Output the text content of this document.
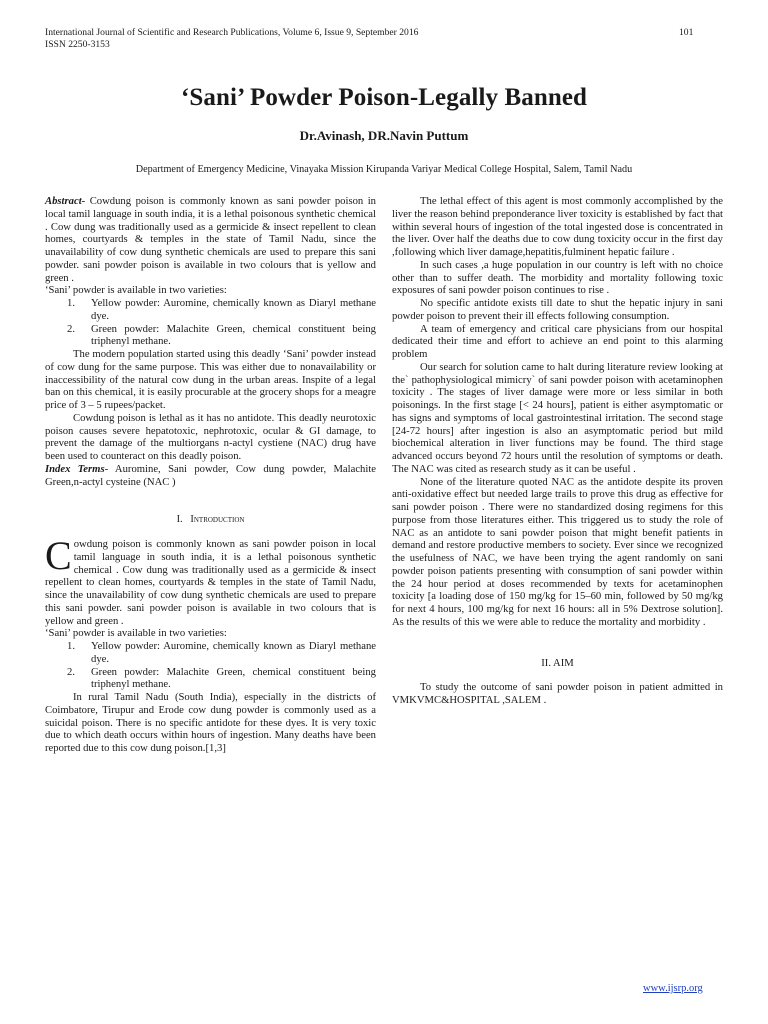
International Journal of Scientific and Research Publications, Volume 6, Issue 9, September 2016
ISSN 2250-3153
101
‘Sani’ Powder Poison-Legally Banned
Dr.Avinash, DR.Navin Puttum
Department of Emergency Medicine, Vinayaka Mission Kirupanda Variyar Medical College Hospital, Salem, Tamil Nadu

Abstract- Cowdung poison is commonly known as sani powder poison in local tamil language in south india, it is a lethal poisonous synthetic chemical . Cow dung was traditionally used as a germicide & insect repellent to clean homes, courtyards & temples in the state of Tamil Nadu, since the unavailability of cow dung synthetic chemicals are used to prepare this sani powder. sani powder poison is available in two colours that is yellow and green .

‘Sani’ powder is available in two varieties:

1. Yellow powder: Auromine, chemically known as Diaryl methane dye.
2. Green powder: Malachite Green, chemical constituent being triphenyl methane.

The modern population started using this deadly ‘Sani’ powder instead of cow dung for the same purpose. This was either due to nonavailability or inaccessibility of the natural cow dung in the urban areas. Inspite of a legal ban on this chemical, it is easily procurable at the grocery shops for a meagre price of 3 – 5 rupees/packet.

Cowdung poison is lethal as it has no antidote. This deadly neurotoxic poison causes severe hepatotoxic, nephrotoxic, ocular & GI damage, to prevent the damage of the multiorgans n-actyl cystiene (NAC) drug have been used to counteract on this deadly poison.

Index Terms- Auromine, Sani powder, Cow dung powder, Malachite Green,n-actyl cysteine (NAC )

I. Introduction

Cowdung poison is commonly known as sani powder poison in local tamil language in south india, it is a lethal poisonous synthetic chemical . Cow dung was traditionally used as a germicide & insect repellent to clean homes, courtyards & temples in the state of Tamil Nadu, since the unavailability of cow dung synthetic chemicals are used to prepare this sani powder. sani powder poison is available in two colours that is yellow and green .

‘Sani’ powder is available in two varieties:

1. Yellow powder: Auromine, chemically known as Diaryl methane dye.
2. Green powder: Malachite Green, chemical constituent being triphenyl methane.

In rural Tamil Nadu (South India), especially in the districts of Coimbatore, Tirupur and Erode cow dung powder is commonly used as a suicidal poison. There is no specific antidote for these dyes. It is very toxic due to which death occurs within hours of ingestion. Many deaths have been reported due to this cow dung poison.[1,3]

The lethal effect of this agent is most commonly accomplished by the liver the reason behind preponderance liver toxicity is established by fact that within several hours of ingestion of the total ingested dose is concentrated in the liver. Over half the deaths due to cow dung toxicity occur in the first day ,following which liver damage,hepatitis,fulminent hepatic failure .

In such cases ,a huge population in our country is left with no choice other than to suffer death. The morbidity and mortality following toxic exposures of sani powder poison continues to rise .

No specific antidote exists till date to shut the hepatic injury in sani powder poison to prevent their ill effects following consumption.

A team of emergency and critical care physicians from our hospital dedicated their time and effort to achieve an end point to this alarming problem

Our search for solution came to halt during literature review looking at the` pathophysiological mimicry` of sani powder poison with acetaminophen toxicity . The stages of liver damage were more or less similar in both poisonings. In the first stage [< 24 hours], patient is either asymptomatic or has signs and symptoms of local gastrointestinal irritation. The second stage [24-72 hours] after ingestion is also an asymptomatic period but mild biochemical alteration in liver functions may be found. The third stage advanced occurs beyond 72 hours until the resolution of symptoms or death. The NAC was cited as research study as it can be useful .

None of the literature quoted NAC as the antidote despite its proven anti-oxidative effect but needed large trails to prove this drug as effective for sani powder poison . There were no standardized dosing regimens for this purpose from those literatures either. This triggered us to study the role of NAC as an antidote to sani powder poison that might benefit patients in demand and restore productive members to society. Ever since we recognized the usefulness of NAC, we have been trying the agent randomly on sani powder poison patients presenting with consumption of sani powder within the 24 hour period at doses recommended by texts for acetaminophen toxicity [a loading dose of 150 mg/kg for 15–60 min, followed by 50 mg/kg for next 4 hours, 100 mg/kg for next 16 hours: all in 5% Dextrose solution]. As the results of this we were able to reduce the mortality and morbidity .

II. AIM

To study the outcome of sani powder poison in patient admitted in VMKVMC&HOSPITAL ,SALEM .

www.ijsrp.org
